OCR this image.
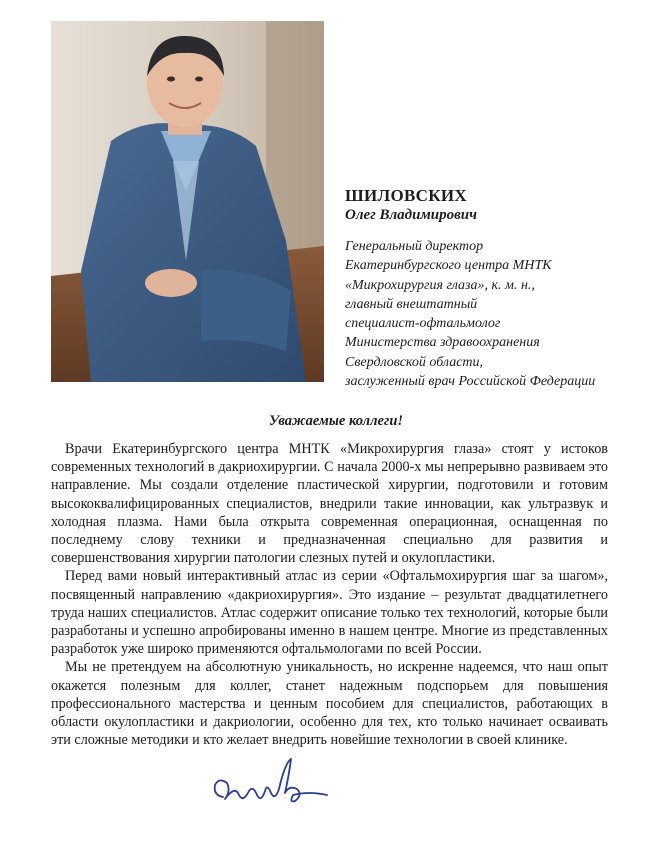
ШИЛОВСКИХ
Олег Владимирович
Генеральный директор
Екатеринбургского центра МНТК
«Микрохирургия глаза», к. м. н.,
главный внештатный
специалист-офтальмолог
Министерства здравоохранения
Свердловской области,
заслуженный врач Российской Федерации
Уважаемые коллеги!

Врачи Екатеринбургского центра МНТК «Микрохирургия глаза» стоят у истоков современных технологий в дакриохирургии. С начала 2000-х мы непрерывно развиваем это направление. Мы создали отделение пластической хирургии, подготовили и готовим высококвалифицированных специалистов, внедрили такие инновации, как ультразвук и холодная плазма. Нами была открыта современная операционная, оснащенная по последнему слову техники и предназначенная специально для развития и совершенствования хирургии патологии слезных путей и окулопластики.

Перед вами новый интерактивный атлас из серии «Офтальмохирургия шаг за шагом», посвященный направлению «дакриохирургия». Это издание – результат двадцатилетнего труда наших специалистов. Атлас содержит описание только тех технологий, которые были разработаны и успешно апробированы именно в нашем центре. Многие из представленных разработок уже широко применяются офтальмологами по всей России.

Мы не претендуем на абсолютную уникальность, но искренне надеемся, что наш опыт окажется полезным для коллег, станет надежным подспорьем для повышения профессионального мастерства и ценным пособием для специалистов, работающих в области окулопластики и дакриологии, особенно для тех, кто только начинает осваивать эти сложные методики и кто желает внедрить новейшие технологии в своей клинике.
